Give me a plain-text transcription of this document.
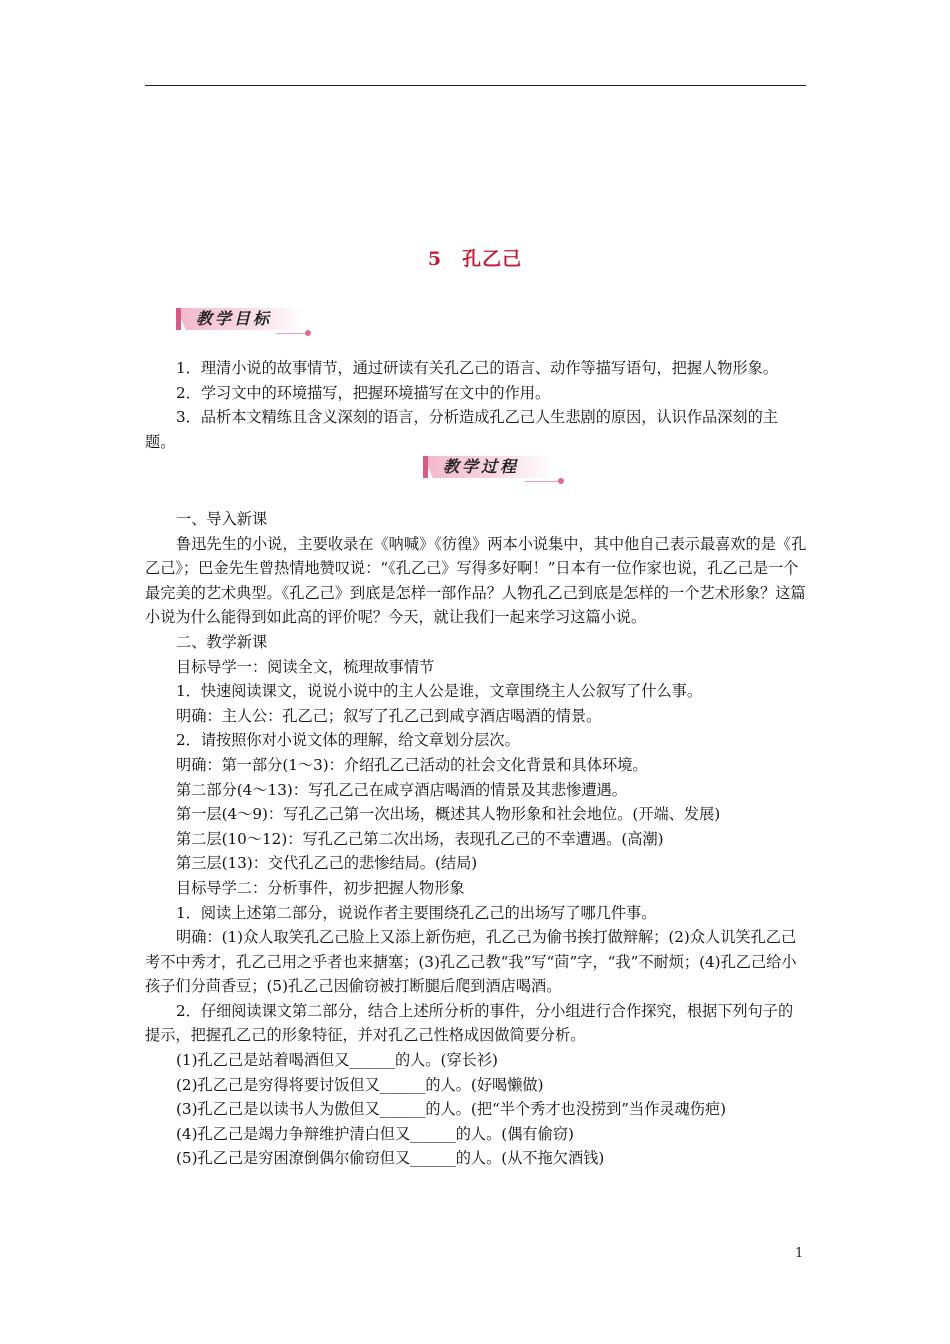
5　孔乙己
教学目标

1．理清小说的故事情节，通过研读有关孔乙己的语言、动作等描写语句，把握人物形象。

2．学习文中的环境描写，把握环境描写在文中的作用。

3．品析本文精练且含义深刻的语言，分析造成孔乙己人生悲剧的原因，认识作品深刻的主题。

教学过程

一、导入新课

鲁迅先生的小说，主要收录在《呐喊》《彷徨》两本小说集中，其中他自己表示最喜欢的是《孔乙己》；巴金先生曾热情地赞叹说：“《孔乙己》写得多好啊！”日本有一位作家也说，孔乙己是一个最完美的艺术典型。《孔乙己》到底是怎样一部作品？人物孔乙己到底是怎样的一个艺术形象？这篇小说为什么能得到如此高的评价呢？今天，就让我们一起来学习这篇小说。

二、教学新课

目标导学一：阅读全文，梳理故事情节

1．快速阅读课文，说说小说中的主人公是谁，文章围绕主人公叙写了什么事。

明确：主人公：孔乙己；叙写了孔乙己到咸亨酒店喝酒的情景。

2．请按照你对小说文体的理解，给文章划分层次。

明确：第一部分(1～3)：介绍孔乙己活动的社会文化背景和具体环境。

第二部分(4～13)：写孔乙己在咸亨酒店喝酒的情景及其悲惨遭遇。

第一层(4～9)：写孔乙己第一次出场，概述其人物形象和社会地位。(开端、发展)

第二层(10～12)：写孔乙己第二次出场，表现孔乙己的不幸遭遇。(高潮)

第三层(13)：交代孔乙己的悲惨结局。(结局)

目标导学二：分析事件，初步把握人物形象

1．阅读上述第二部分，说说作者主要围绕孔乙己的出场写了哪几件事。

明确：(1)众人取笑孔乙己脸上又添上新伤疤，孔乙己为偷书挨打做辩解；(2)众人讥笑孔乙己考不中秀才，孔乙己用之乎者也来搪塞；(3)孔乙己教“我”写“茴”字，“我”不耐烦；(4)孔乙己给小孩子们分茴香豆；(5)孔乙己因偷窃被打断腿后爬到酒店喝酒。

2．仔细阅读课文第二部分，结合上述所分析的事件，分小组进行合作探究，根据下列句子的提示，把握孔乙己的形象特征，并对孔乙己性格成因做简要分析。

(1)孔乙己是站着喝酒但又______的人。(穿长衫)

(2)孔乙己是穷得将要讨饭但又______的人。(好喝懒做)

(3)孔乙己是以读书人为傲但又______的人。(把“半个秀才也没捞到”当作灵魂伤疤)

(4)孔乙己是竭力争辩维护清白但又______的人。(偶有偷窃)

(5)孔乙己是穷困潦倒偶尔偷窃但又______的人。(从不拖欠酒钱)

1
